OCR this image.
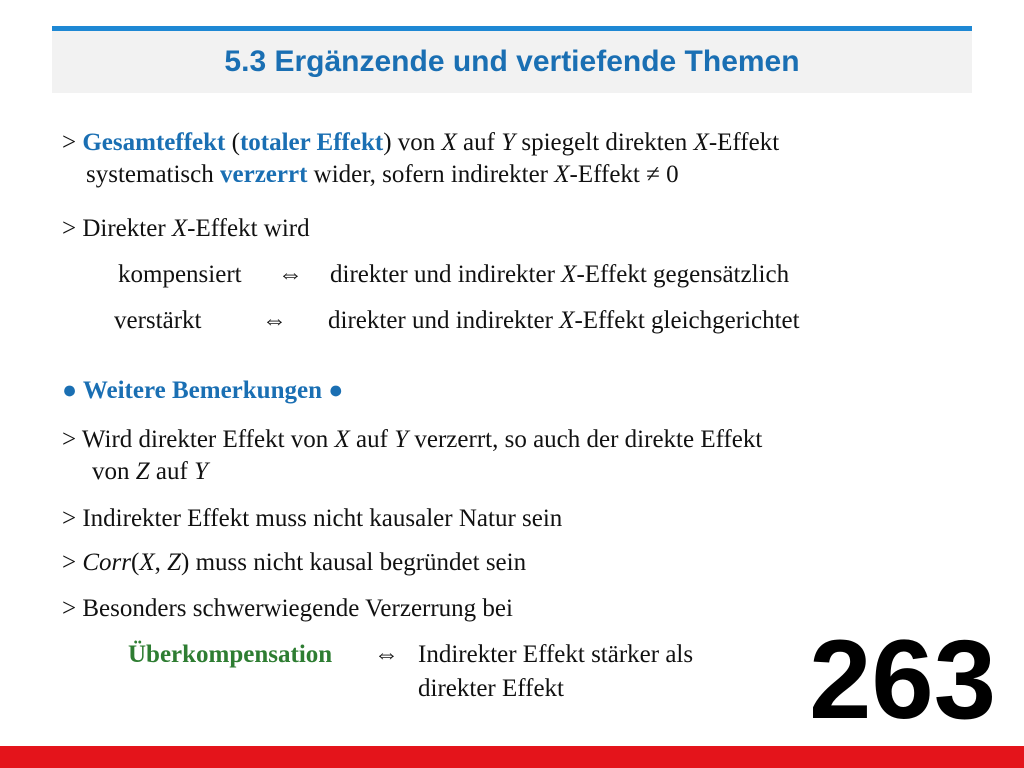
5.3 Ergänzende und vertiefende Themen
> Gesamteffekt (totaler Effekt) von X auf Y spiegelt direkten X-Effekt
systematisch verzerrt wider, sofern indirekter X-Effekt ≠ 0
> Direkter X-Effekt wird
kompensiert ⇔ direkter und indirekter X-Effekt gegensätzlich
verstärkt ⇔ direkter und indirekter X-Effekt gleichgerichtet
● Weitere Bemerkungen ●
> Wird direkter Effekt von X auf Y verzerrt, so auch der direkte Effekt
von Z auf Y
> Indirekter Effekt muss nicht kausaler Natur sein
> Corr(X, Z) muss nicht kausal begründet sein
> Besonders schwerwiegende Verzerrung bei
Überkompensation ⇔ Indirekter Effekt stärker als
direkter Effekt 263
